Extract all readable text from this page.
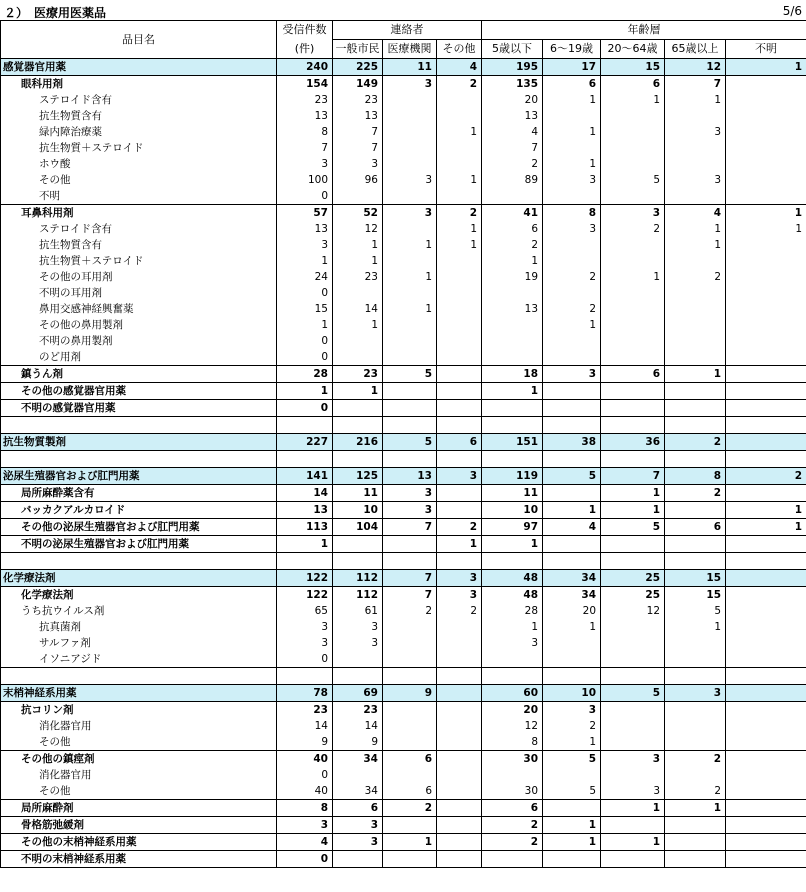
２）　医療用医薬品	5/6
品目名	受信件数	連絡者			年齢層				
	(件)	一般市民	医療機関	その他	5歳以下	6～19歳	20～64歳	65歳以上	不明
感覚器官用薬	240	225	11	4	195	17	15	12	1
眼科用剤	154	149	3	2	135	6	6	7	
ステロイド含有	23	23			20	1	1	1	
抗生物質含有	13	13			13				
緑内障治療薬	8	7		1	4	1		3	
抗生物質＋ステロイド	7	7			7				
ホウ酸	3	3			2	1			
その他	100	96	3	1	89	3	5	3	
不明	0								
耳鼻科用剤	57	52	3	2	41	8	3	4	1
ステロイド含有	13	12		1	6	3	2	1	1
抗生物質含有	3	1	1	1	2			1	
抗生物質＋ステロイド	1	1			1				
その他の耳用剤	24	23	1		19	2	1	2	
不明の耳用剤	0								
鼻用交感神経興奮薬	15	14	1		13	2			
その他の鼻用製剤	1	1				1			
不明の鼻用製剤	0								
のど用剤	0								
鎮うん剤	28	23	5		18	3	6	1	
その他の感覚器官用薬	1	1			1				
不明の感覚器官用薬	0								

抗生物質製剤	227	216	5	6	151	38	36	2	

泌尿生殖器官および肛門用薬	141	125	13	3	119	5	7	8	2
局所麻酔薬含有	14	11	3		11		1	2	
バッカクアルカロイド	13	10	3		10	1	1		1
その他の泌尿生殖器官および肛門用薬	113	104	7	2	97	4	5	6	1
不明の泌尿生殖器官および肛門用薬	1			1	1				

化学療法剤	122	112	7	3	48	34	25	15	
化学療法剤	122	112	7	3	48	34	25	15	
うち抗ウイルス剤	65	61	2	2	28	20	12	5	
抗真菌剤	3	3			1	1		1	
サルファ剤	3	3			3				
イソニアジド	0								

末梢神経系用薬	78	69	9		60	10	5	3	
抗コリン剤	23	23			20	3			
消化器官用	14	14			12	2			
その他	9	9			8	1			
その他の鎮痙剤	40	34	6		30	5	3	2	
消化器官用	0								
その他	40	34	6		30	5	3	2	
局所麻酔剤	8	6	2		6		1	1	
骨格筋弛緩剤	3	3			2	1			
その他の末梢神経系用薬	4	3	1		2	1	1		
不明の末梢神経系用薬	0								
